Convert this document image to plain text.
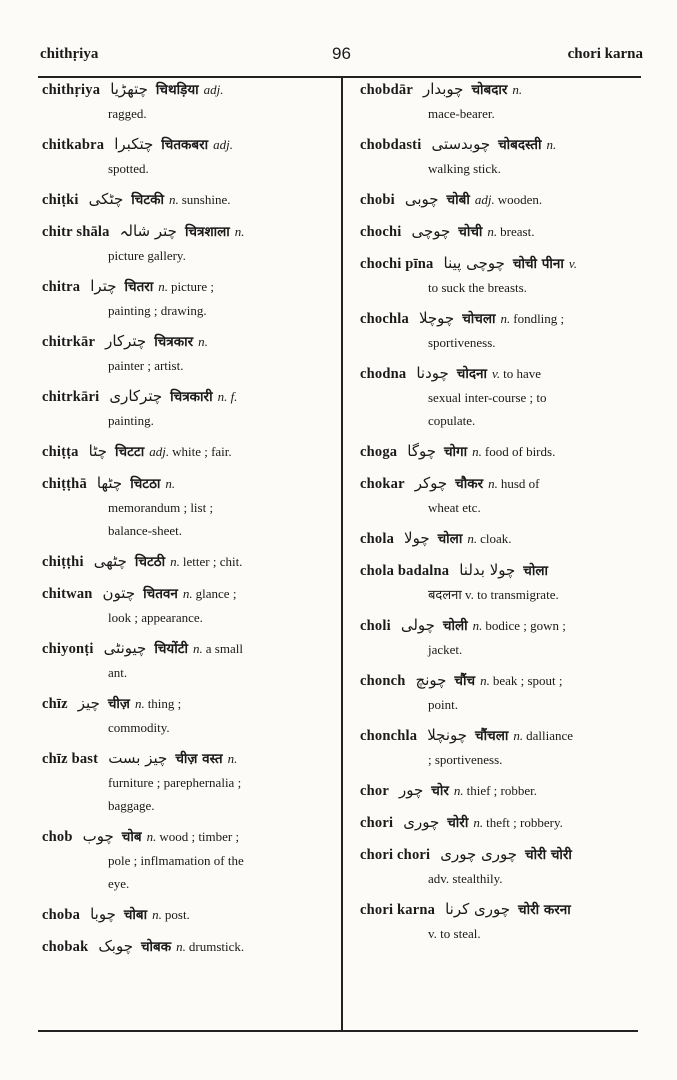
chithṛiya	96	chori karna
chithṛiya چتھڑیا चिथड़िया adj.
ragged.
chitkabra چتکبرا चितकबरा adj.
spotted.
chiṭki چٹکی चिटकी n. sunshine.
chitr shāla چتر شالہ चित्रशाला n.
picture gallery.
chitra چترا चितरा n. picture ;
painting ; drawing.
chitrkār چترکار चित्रकार n.
painter ; artist.
chitrkāri چترکاری चित्रकारी n. f.
painting.
chiṭṭa چٹا चिटटा adj. white ; fair.
chiṭṭhā چٹھا चिटठा n.
memorandum ; list ;
balance-sheet.
chiṭṭhi چٹھی चिटठी n. letter ; chit.
chitwan چتون चितवन n. glance ;
look ; appearance.
chiyonṭi چیونٹی चियोंटी n. a small
ant.
chīz چیز चीज़ n. thing ;
commodity.
chīz bast چیز بست चीज़ वस्त n.
furniture ; parephernalia ;
baggage.
chob چوب चोब n. wood ; timber ;
pole ; inflmamation of the
eye.
choba چوبا चोबा n. post.
chobak چوبک चोबक n. drumstick.
chobdār چوبدار चोबदार n.
mace-bearer.
chobdasti چوبدستی चोबदस्ती n.
walking stick.
chobi چوبی चोबी adj. wooden.
chochi چوچی चोची n. breast.
chochi pīna چوچی پینا चोची पीना v.
to suck the breasts.
chochla چوچلا चोचला n. fondling ;
sportiveness.
chodna چودنا चोदना v. to have
sexual inter-course ; to
copulate.
choga چوگا चोगा n. food of birds.
chokar چوکر चौकर n. husd of
wheat etc.
chola چولا चोला n. cloak.
chola badalna چولا بدلنا चोला
बदलना v. to transmigrate.
choli چولی चोली n. bodice ; gown ;
jacket.
chonch چونچ चौंच n. beak ; spout ;
point.
chonchla چونچلا चौंचला n. dalliance
; sportiveness.
chor چور चोर n. thief ; robber.
chori چوری चोरी n. theft ; robbery.
chori chori چوری چوری चोरी चोरी
adv. stealthily.
chori karna چوری کرنا चोरी करना
v. to steal.
